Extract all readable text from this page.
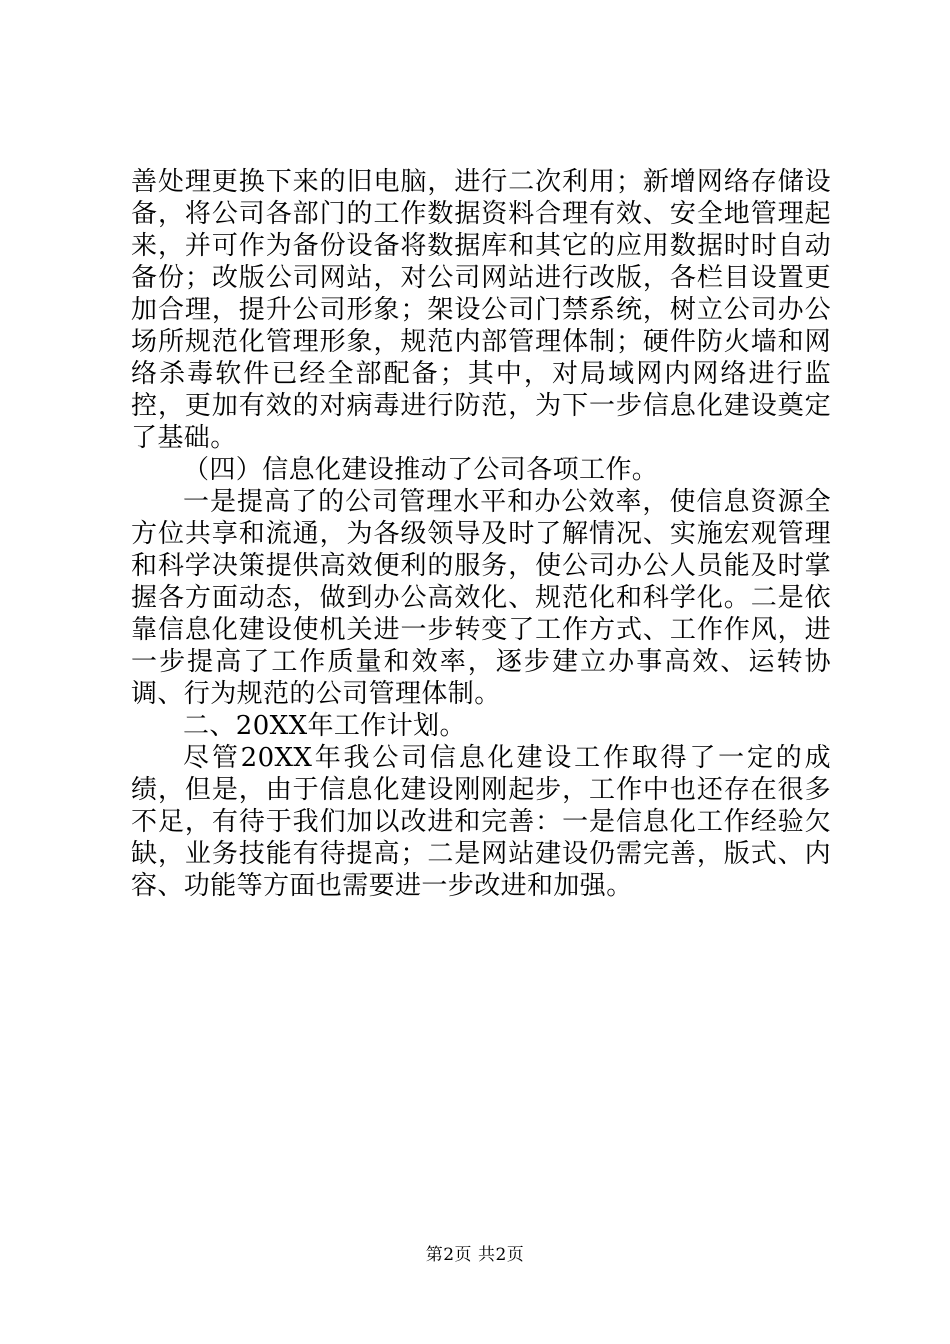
善处理更换下来的旧电脑，进行二次利用；新增网络存储设备，将公司各部门的工作数据资料合理有效、安全地管理起来，并可作为备份设备将数据库和其它的应用数据时时自动备份；改版公司网站，对公司网站进行改版，各栏目设置更加合理，提升公司形象；架设公司门禁系统，树立公司办公场所规范化管理形象，规范内部管理体制；硬件防火墙和网络杀毒软件已经全部配备；其中，对局域网内网络进行监控，更加有效的对病毒进行防范，为下一步信息化建设奠定了基础。

（四）信息化建设推动了公司各项工作。

一是提高了的公司管理水平和办公效率，使信息资源全方位共享和流通，为各级领导及时了解情况、实施宏观管理和科学决策提供高效便利的服务，使公司办公人员能及时掌握各方面动态，做到办公高效化、规范化和科学化。二是依靠信息化建设使机关进一步转变了工作方式、工作作风，进一步提高了工作质量和效率，逐步建立办事高效、运转协调、行为规范的公司管理体制。

二、20XX年工作计划。

尽管20XX年我公司信息化建设工作取得了一定的成绩，但是，由于信息化建设刚刚起步，工作中也还存在很多不足，有待于我们加以改进和完善：一是信息化工作经验欠缺，业务技能有待提高；二是网站建设仍需完善，版式、内容、功能等方面也需要进一步改进和加强。

第2页 共2页
